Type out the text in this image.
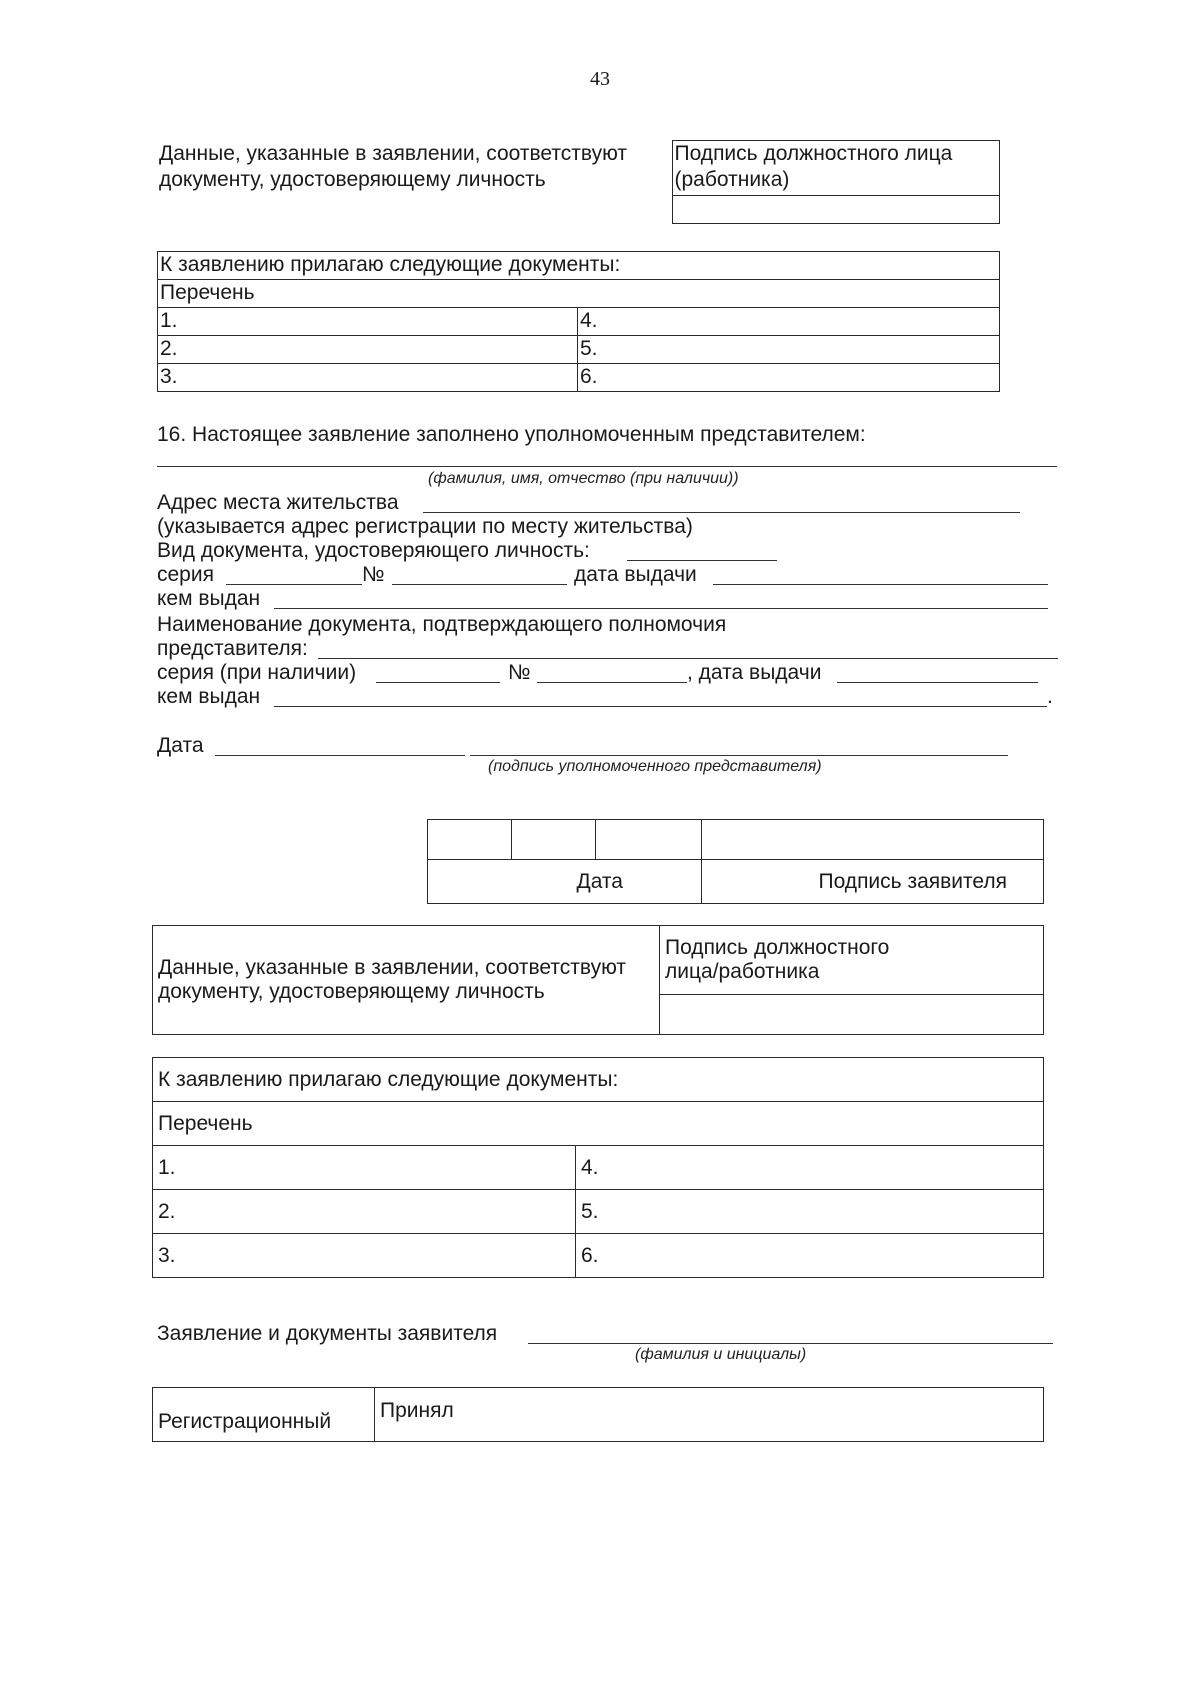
43
Данные, указанные в заявлении, соответствуют документу, удостоверяющему личность	Подпись должностного лица (работника)

К заявлению прилагаю следующие документы:	
Перечень	
1.	4.
2.	5.
3.	6.
16. Настоящее заявление заполнено уполномоченным представителем:
(фамилия, имя, отчество (при наличии))
Адрес места жительства
(указывается адрес регистрации по месту жительства)
Вид документа, удостоверяющего личность:
серия	№	дата выдачи
кем выдан
Наименование документа, подтверждающего полномочия
представителя:
серия (при наличии)	№	, дата выдачи
кем выдан	.
Дата
(подпись уполномоченного представителя)

Дата			Подпись заявителя
Данные, указанные в заявлении, соответствуют документу, удостоверяющему личность	Подпись должностного лица/работника

К заявлению прилагаю следующие документы:	
Перечень	
1.	4.
2.	5.
3.	6.
Заявление и документы заявителя
(фамилия и инициалы)
Регистрационный	Принял
